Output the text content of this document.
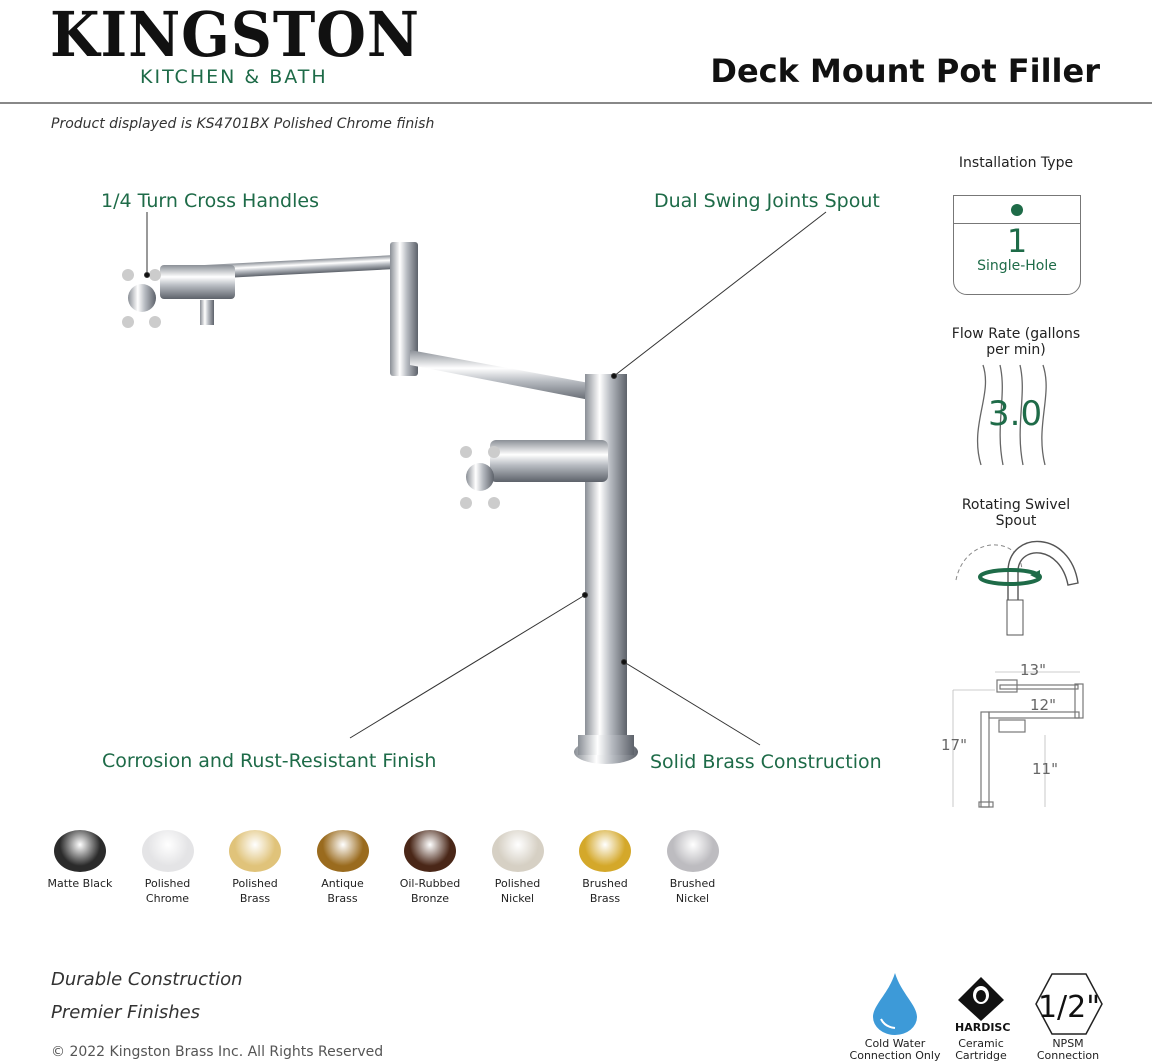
KINGSTON
KITCHEN & BATH	Deck Mount Pot Filler
Product displayed is KS4701BX Polished Chrome finish
1/4 Turn Cross Handles	Dual Swing Joints Spout
Corrosion and Rust-Resistant Finish	Solid Brass Construction
Installation Type
1
Single-Hole
Flow Rate (gallons per min)
3.0
Rotating Swivel Spout
13"
12"
17"
11"
Matte Black	Polished Chrome
Polished Brass
Antique Brass
Oil-Rubbed Bronze
Polished Nickel
Brushed Brass
Brushed Nickel
Durable Construction
Premier Finishes
© 2022 Kingston Brass Inc. All Rights Reserved
Cold Water Connection Only
HARDISC
Ceramic Cartridge
1/2"
NPSM Connection
